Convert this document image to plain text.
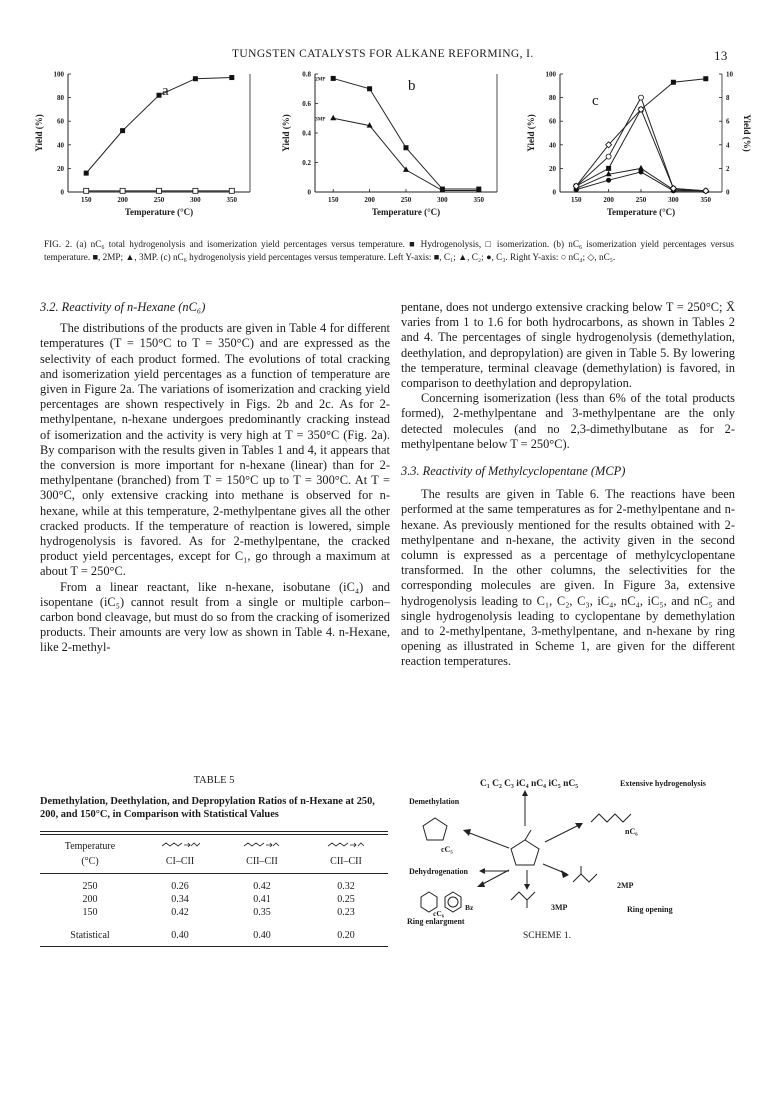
TUNGSTEN CATALYSTS FOR ALKANE REFORMING, I.	13
150	200	250	300	350
0
20
40
60
80
100
Yield (%)
Temperature (°C)
a
150	200	250	300	350
0
0.2
0.4
0.6
0.8
Yield (%)
Temperature (°C)
b
2MP
3MP
150	200	250	300	350
0
20
40
60
80
100
0
2
4
6
8
10
Yield (%)
Yield (%)
Temperature (°C)
c
FIG. 2. (a) nC₆ total hydrogenolysis and isomerization yield percentages versus temperature. ■ Hydrogenolysis, □ isomerization. (b) nC₆ isomerization yield percentages versus temperature. ■, 2MP; ▲, 3MP. (c) nC₆ hydrogenolysis yield percentages versus temperature. Left Y-axis: ■, C₁; ▲, C₂; ●, C₃. Right Y-axis: ○ nC₄; ◇, nC₅.
3.2. Reactivity of n-Hexane (nC₆)

The distributions of the products are given in Table 4 for different temperatures (T = 150°C to T = 350°C) and are expressed as the selectivity of each product formed. The evolutions of total cracking and isomerization yield percentages as a function of temperature are given in Figure 2a. The variations of isomerization and cracking yield percentages are shown respectively in Figs. 2b and 2c. As for 2-methylpentane, n-hexane undergoes predominantly cracking instead of isomerization and the activity is very high at T = 350°C (Fig. 2a). By comparison with the results given in Tables 1 and 4, it appears that the conversion is more important for n-hexane (linear) than for 2-methylpentane (branched) from T = 150°C up to T = 300°C. At T = 300°C, only extensive cracking into methane is observed for n-hexane, while at this temperature, 2-methylpentane gives all the other cracked products. If the temperature of reaction is lowered, simple hydrogenolysis is favored. As for 2-methylpentane, the cracked product yield percentages, except for C₁, go through a maximum at about T = 250°C.

From a linear reactant, like n-hexane, isobutane (iC₄) and isopentane (iC₅) cannot result from a single or multiple carbon–carbon bond cleavage, but must do so from the cracking of isomerized products. Their amounts are very low as shown in Table 4. n-Hexane, like 2-methyl-

pentane, does not undergo extensive cracking below T = 250°C; X̄ varies from 1 to 1.6 for both hydrocarbons, as shown in Tables 2 and 4. The percentages of single hydrogenolysis (demethylation, deethylation, and depropylation) are given in Table 5. By lowering the temperature, terminal cleavage (demethylation) is favored, in comparison to deethylation and depropylation.

Concerning isomerization (less than 6% of the total products formed), 2-methylpentane and 3-methylpentane are the only detected molecules (and no 2,3-dimethylbutane as for 2-methylpentane below T = 250°C).

3.3. Reactivity of Methylcyclopentane (MCP)

The results are given in Table 6. The reactions have been performed at the same temperatures as for 2-methylpentane and n-hexane. As previously mentioned for the results obtained with 2-methylpentane and n-hexane, the activity given in the second column is expressed as a percentage of methylcyclopentane transformed. In the other columns, the selectivities for the corresponding molecules are given. In Figure 3a, extensive hydrogenolysis leading to C₁, C₂, C₃, iC₄, nC₄, iC₅, and nC₅ and single hydrogenolysis leading to cyclopentane by demethylation and to 2-methylpentane, 3-methylpentane, and n-hexane by ring opening as illustrated in Scheme 1, are given for the different reaction temperatures.

TABLE 5
Demethylation, Deethylation, and Depropylation Ratios of n-Hexane at 250, 200, and 150°C, in Comparison with Statistical Values
Temperature			
(°C)	CI–CII	CII–CII	CII–CII
250	0.26	0.42	0.32
200	0.34	0.41	0.25
150	0.42	0.35	0.23

Statistical	0.40	0.40	0.20
C₁ C₂ C₃ iC₄ nC₄ iC₅ nC₅	Extensive hydrogenolysis
Demethylation
cC₅
Dehydrogenation
nC₆
2MP
Ring opening
3MP
cC₆
Bz
Ring enlargment
SCHEME 1.
